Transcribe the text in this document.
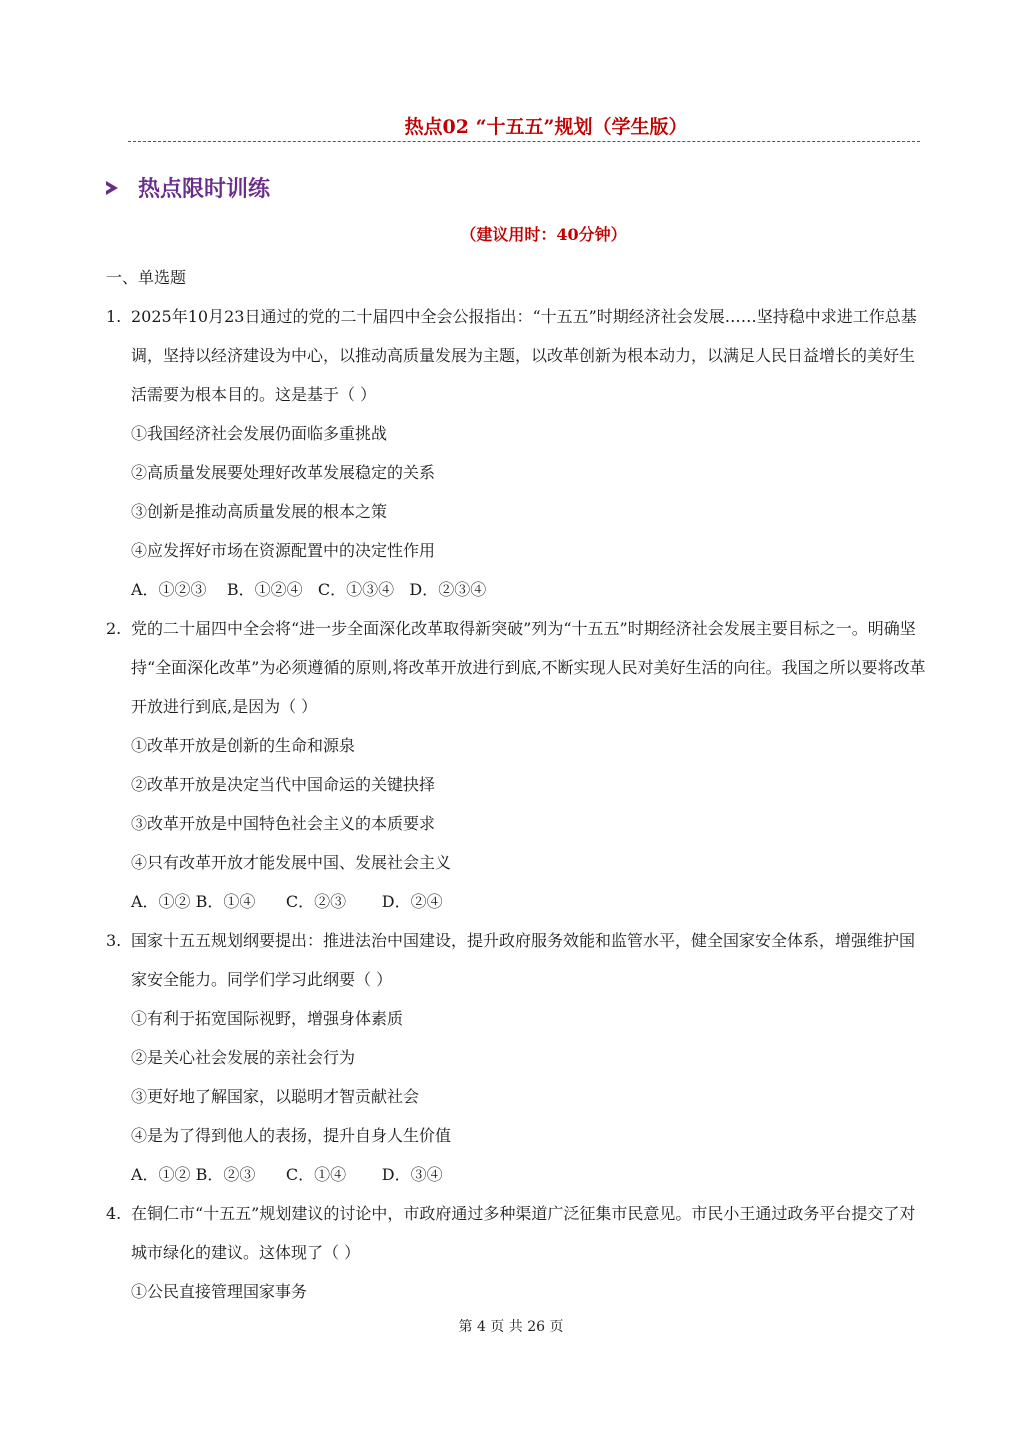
热点02 “十五五”规划（学生版）
热点限时训练
（建议用时：40分钟）
一、单选题
1. 2025年10月23日通过的党的二十届四中全会公报指出：“十五五”时期经济社会发展……坚持稳中求进工作总基调，坚持以经济建设为中心，以推动高质量发展为主题，以改革创新为根本动力，以满足人民日益增长的美好生活需要为根本目的。这是基于（ ）
①我国经济社会发展仍面临多重挑战
②高质量发展要处理好改革发展稳定的关系
③创新是推动高质量发展的根本之策
④应发挥好市场在资源配置中的决定性作用
A．①②③    B．①②④   C．①③④   D．②③④
2. 党的二十届四中全会将“进一步全面深化改革取得新突破”列为“十五五”时期经济社会发展主要目标之一。明确坚持“全面深化改革”为必须遵循的原则,将改革开放进行到底,不断实现人民对美好生活的向往。我国之所以要将改革开放进行到底,是因为（ ）
①改革开放是创新的生命和源泉
②改革开放是决定当代中国命运的关键抉择
③改革开放是中国特色社会主义的本质要求
④只有改革开放才能发展中国、发展社会主义
A．①② B．①④      C．②③       D．②④
3. 国家十五五规划纲要提出：推进法治中国建设，提升政府服务效能和监管水平，健全国家安全体系，增强维护国家安全能力。同学们学习此纲要（ ）
①有利于拓宽国际视野，增强身体素质
②是关心社会发展的亲社会行为
③更好地了解国家，以聪明才智贡献社会
④是为了得到他人的表扬，提升自身人生价值
A．①② B．②③      C．①④       D．③④
4. 在铜仁市“十五五”规划建议的讨论中，市政府通过多种渠道广泛征集市民意见。市民小王通过政务平台提交了对城市绿化的建议。这体现了（ ）
①公民直接管理国家事务
第 4 页 共 26 页
